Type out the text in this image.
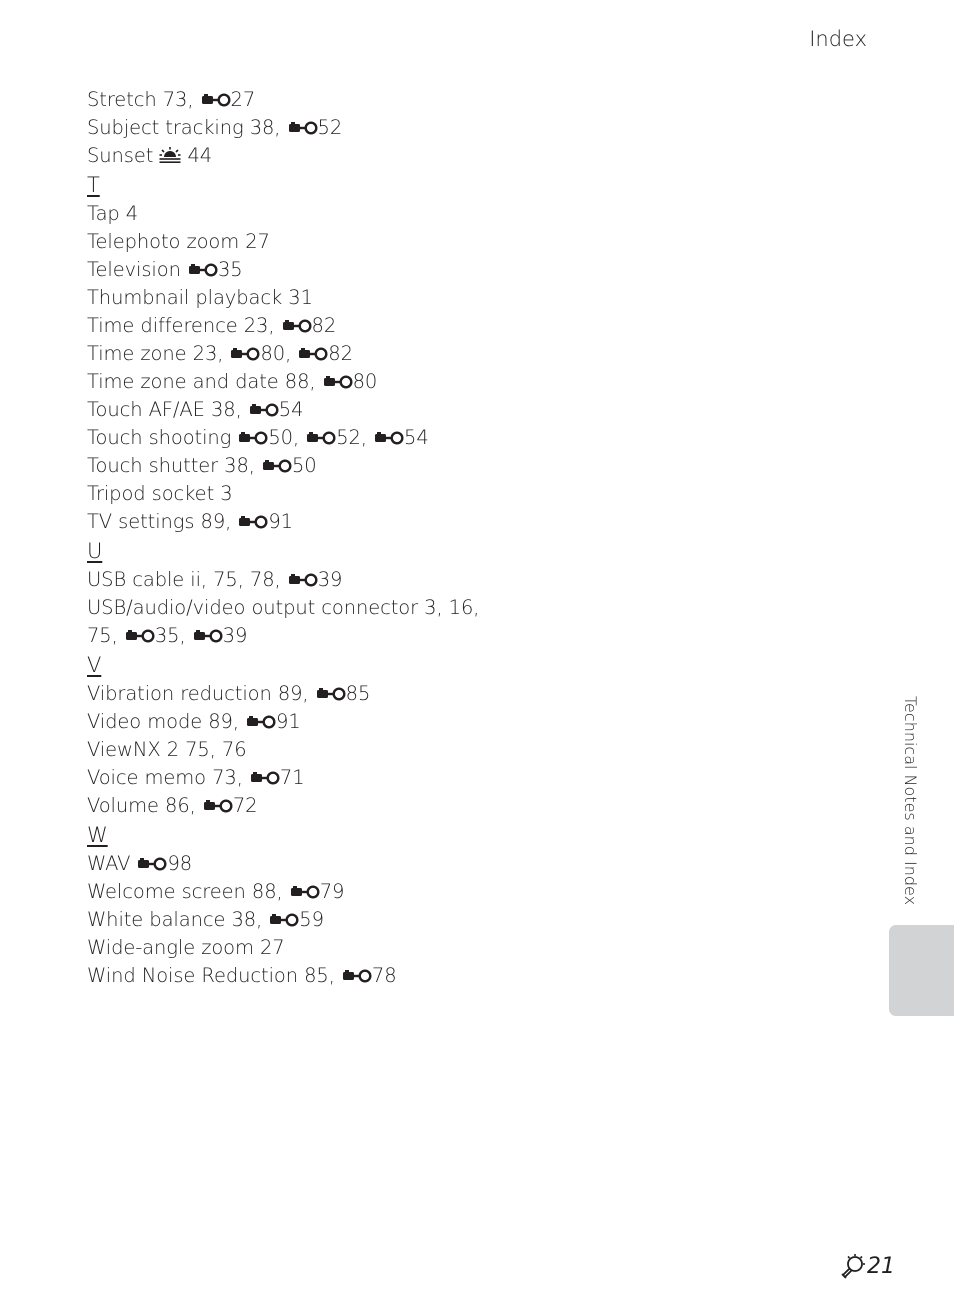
Index
Stretch 73,
27
Subject tracking 38,
52
Sunset
44
T
Tap 4
Telephoto zoom 27
Television
35
Thumbnail playback 31
Time difference 23,
82
Time zone 23,
80,
82
Time zone and date 88,
80
Touch AF/AE 38,
54
Touch shooting
50,
52,
54
Touch shutter 38,
50
Tripod socket 3
TV settings 89,
91
U
USB cable ii, 75, 78,
39
USB/audio/video output connector 3, 16,
75,
35,
39
V
Vibration reduction 89,
85
Video mode 89,
91
ViewNX 2 75, 76
Voice memo 73,
71
Volume 86,
72
W
WAV
98
Welcome screen 88,
79
White balance 38,
59
Wide-angle zoom 27
Wind Noise Reduction 85,
78
Technical Notes and Index
21
